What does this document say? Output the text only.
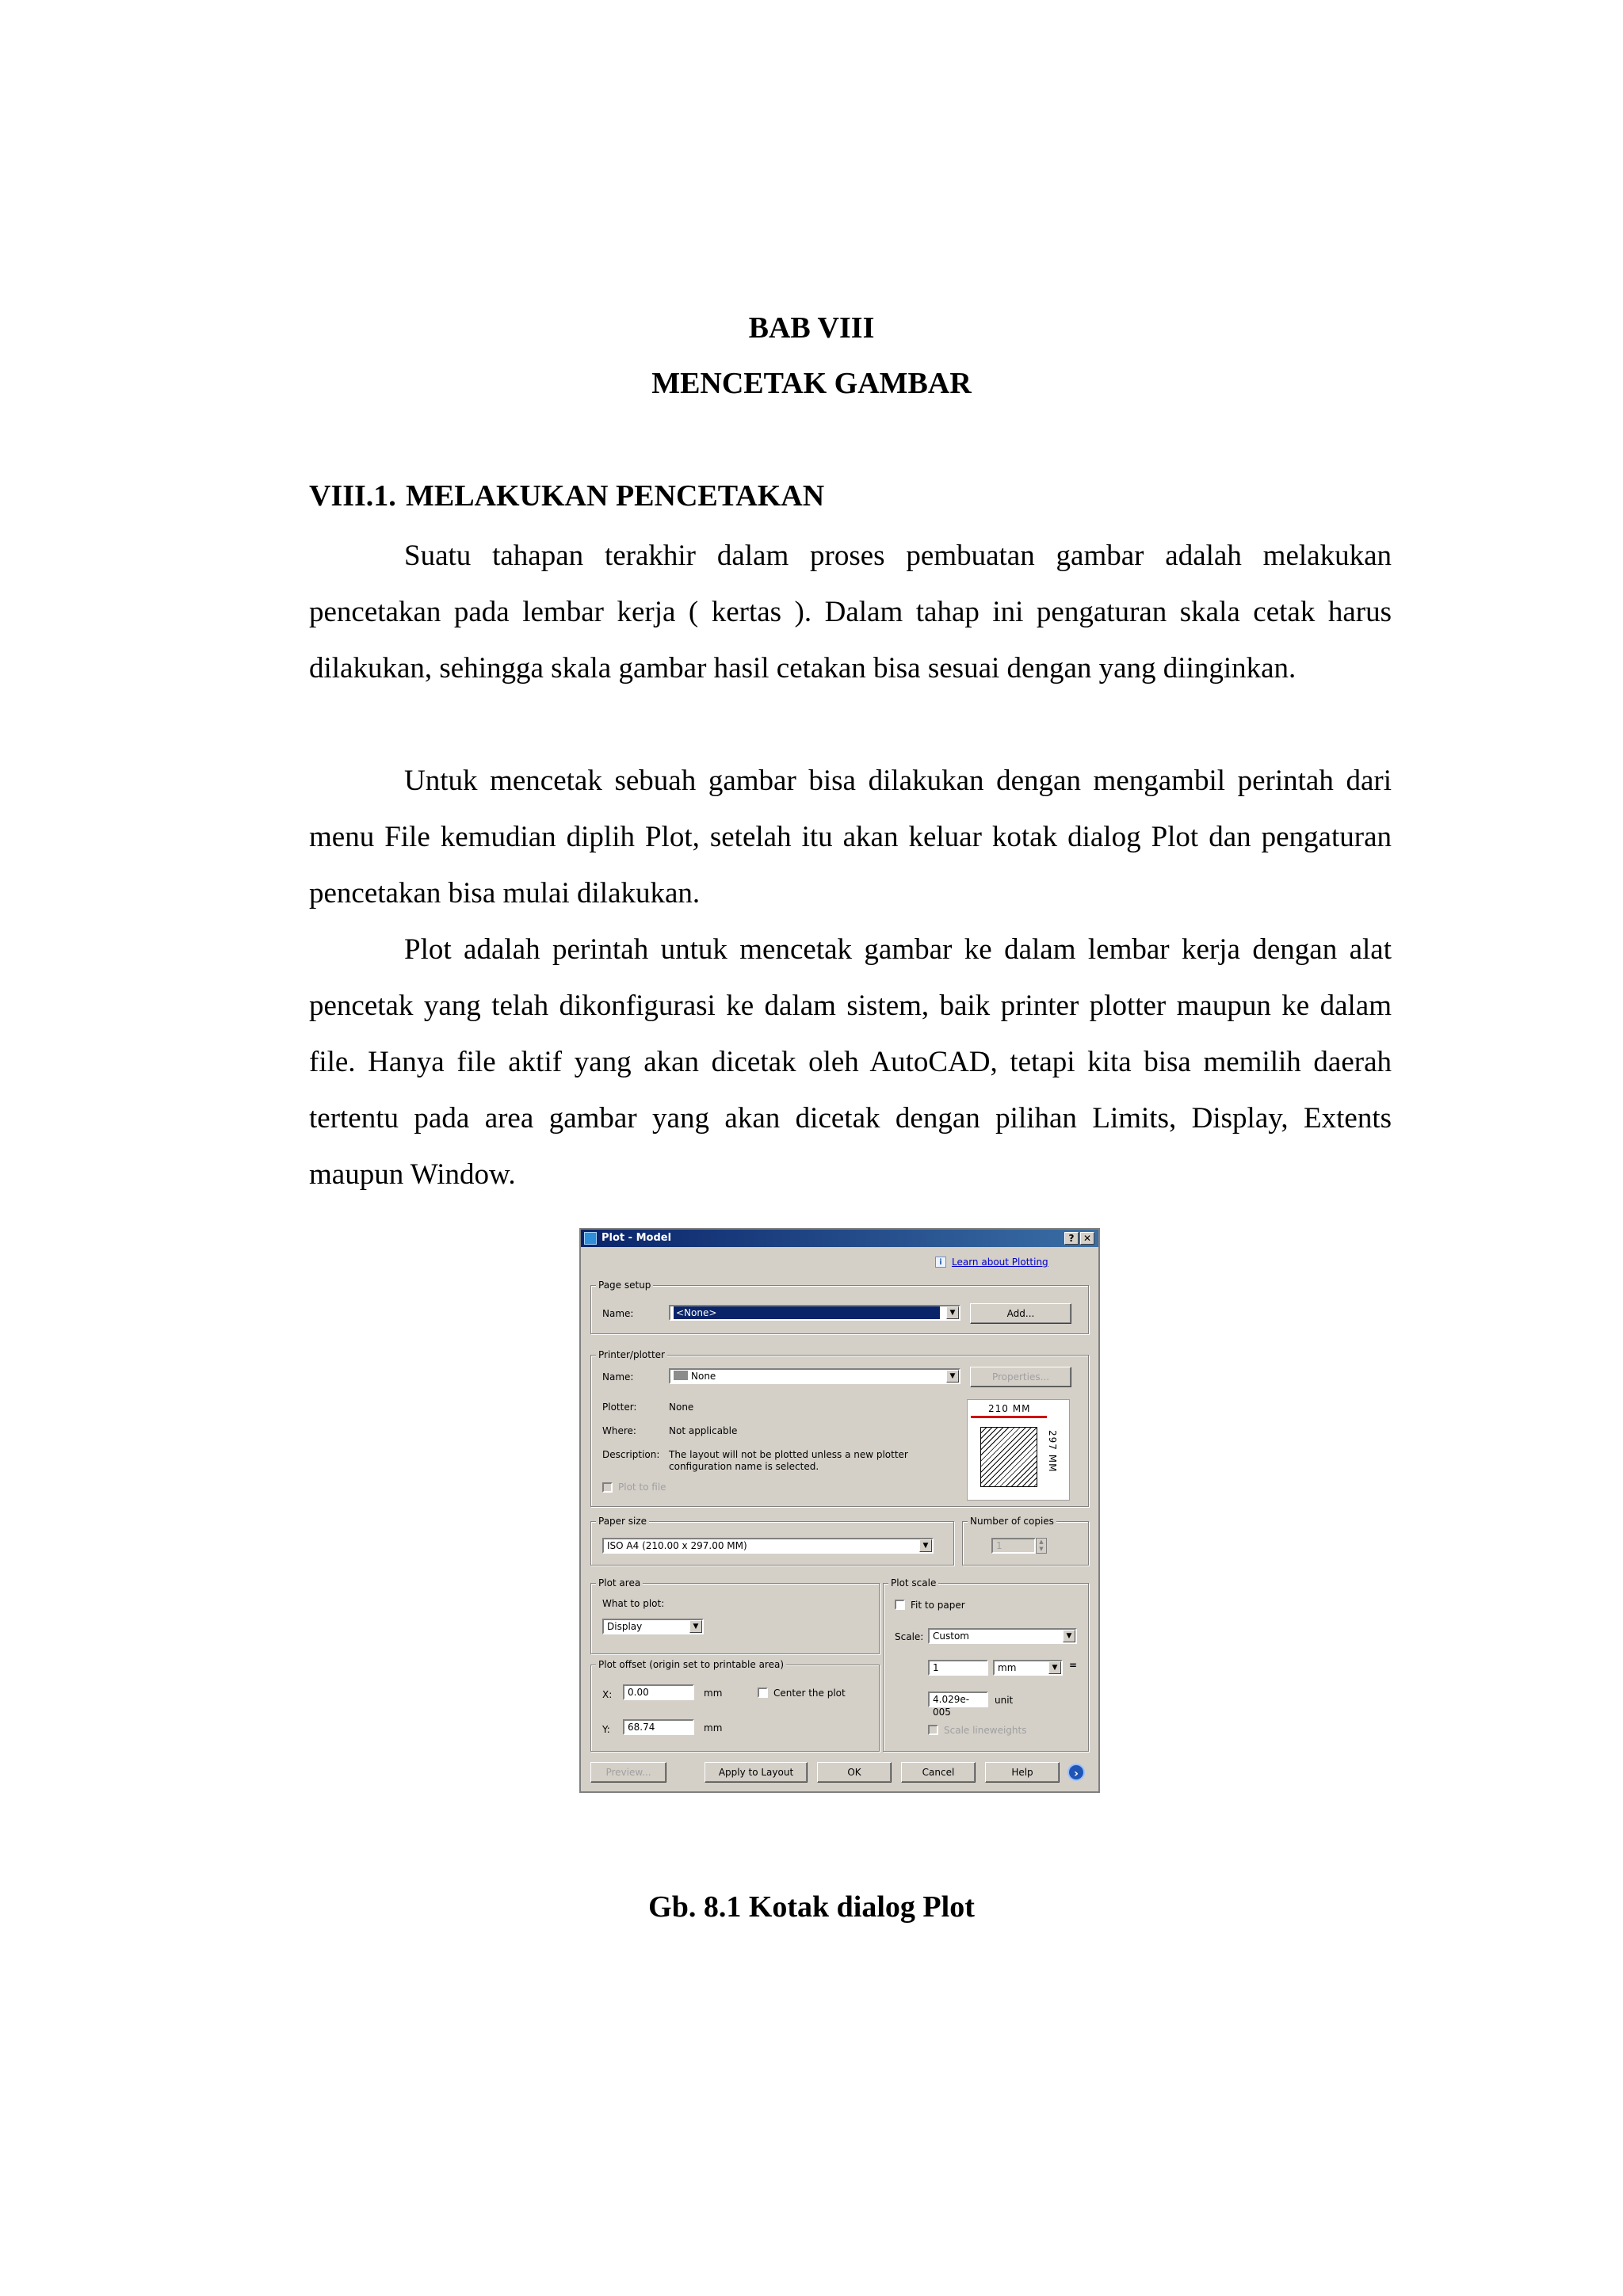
BAB VIII
MENCETAK GAMBAR
VIII.1. MELAKUKAN PENCETAKAN

Suatu tahapan terakhir dalam proses pembuatan gambar adalah melakukan pencetakan pada lembar kerja ( kertas ). Dalam tahap ini pengaturan skala cetak harus dilakukan, sehingga skala gambar hasil cetakan bisa sesuai dengan yang diinginkan.

Untuk mencetak sebuah gambar bisa dilakukan dengan mengambil perintah dari menu File kemudian diplih Plot, setelah itu akan keluar kotak dialog Plot dan pengaturan pencetakan bisa mulai dilakukan.

Plot adalah perintah untuk mencetak gambar ke dalam lembar kerja dengan alat pencetak yang telah dikonfigurasi ke dalam sistem, baik printer plotter maupun ke dalam file. Hanya file aktif yang akan dicetak oleh AutoCAD, tetapi kita bisa memilih daerah tertentu pada area gambar yang akan dicetak dengan pilihan Limits, Display, Extents maupun Window.

Plot - Model	? ✕
i	Learn about Plotting
Page setup
Name:	<None>	▼	Add...
Printer/plotter
Name:	None	▼	Properties...
Plotter:	None
Where:	Not applicable
Description: The layout will not be plotted unless a new plotter
configuration name is selected.
Plot to file
210 MM
297 MM
Paper size
ISO A4 (210.00 x 297.00 MM)	▼
Number of copies
1	▲
▼
Plot area
What to plot:
Display	▼
Plot offset (origin set to printable area)
X:	0.00	mm	Center the plot
Y:	68.74	mm
Plot scale
Fit to paper
Scale: Custom	▼
1	mm	▼	=
4.029e-005
unit
Scale lineweights
Preview...	Apply to Layout	OK	Cancel	Help	›
Gb. 8.1 Kotak dialog Plot
